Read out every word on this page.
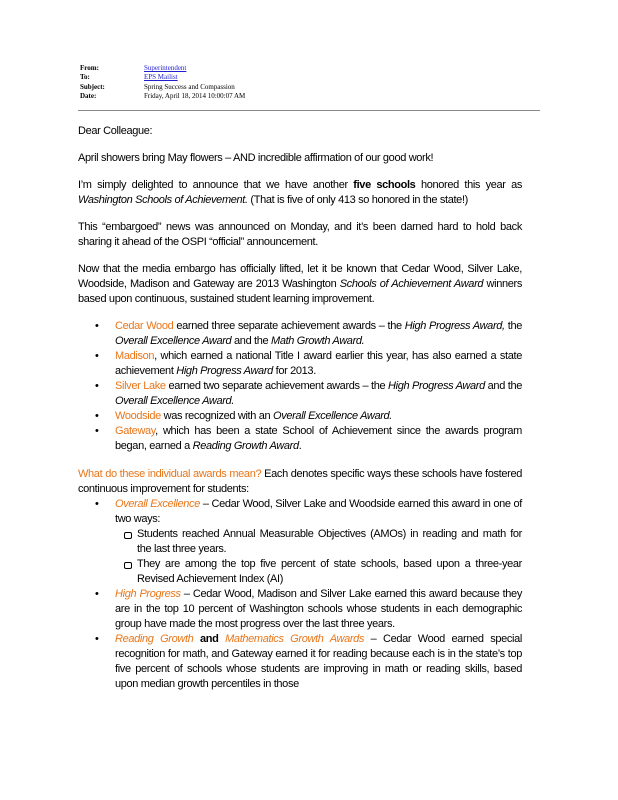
From:	Superintendent
To:	EPS Mailist
Subject:	Spring Success and Compassion
Date:	Friday, April 18, 2014 10:00:07 AM

Dear Colleague:

April showers bring May flowers – AND incredible affirmation of our good work!

I’m simply delighted to announce that we have another five schools honored this year as Washington Schools of Achievement. (That is five of only 413 so honored in the state!)

This “embargoed” news was announced on Monday, and it’s been darned hard to hold back sharing it ahead of the OSPI “official” announcement.

Now that the media embargo has officially lifted, let it be known that Cedar Wood, Silver Lake, Woodside, Madison and Gateway are 2013 Washington Schools of Achievement Award winners based upon continuous, sustained student learning improvement.

• Cedar Wood earned three separate achievement awards – the High Progress Award, the Overall Excellence Award and the Math Growth Award.
• Madison, which earned a national Title I award earlier this year, has also earned a state achievement High Progress Award for 2013.
• Silver Lake earned two separate achievement awards – the High Progress Award and the Overall Excellence Award.
• Woodside was recognized with an Overall Excellence Award.
• Gateway, which has been a state School of Achievement since the awards program began, earned a Reading Growth Award.

What do these individual awards mean? Each denotes specific ways these schools have fostered continuous improvement for students:

• Overall Excellence – Cedar Wood, Silver Lake and Woodside earned this award in one of two ways:
Students reached Annual Measurable Objectives (AMOs) in reading and math for the last three years.
They are among the top five percent of state schools, based upon a three-year Revised Achievement Index (AI)
• High Progress – Cedar Wood, Madison and Silver Lake earned this award because they are in the top 10 percent of Washington schools whose students in each demographic group have made the most progress over the last three years.
• Reading Growth and Mathematics Growth Awards – Cedar Wood earned special recognition for math, and Gateway earned it for reading because each is in the state’s top five percent of schools whose students are improving in math or reading skills, based upon median growth percentiles in those
